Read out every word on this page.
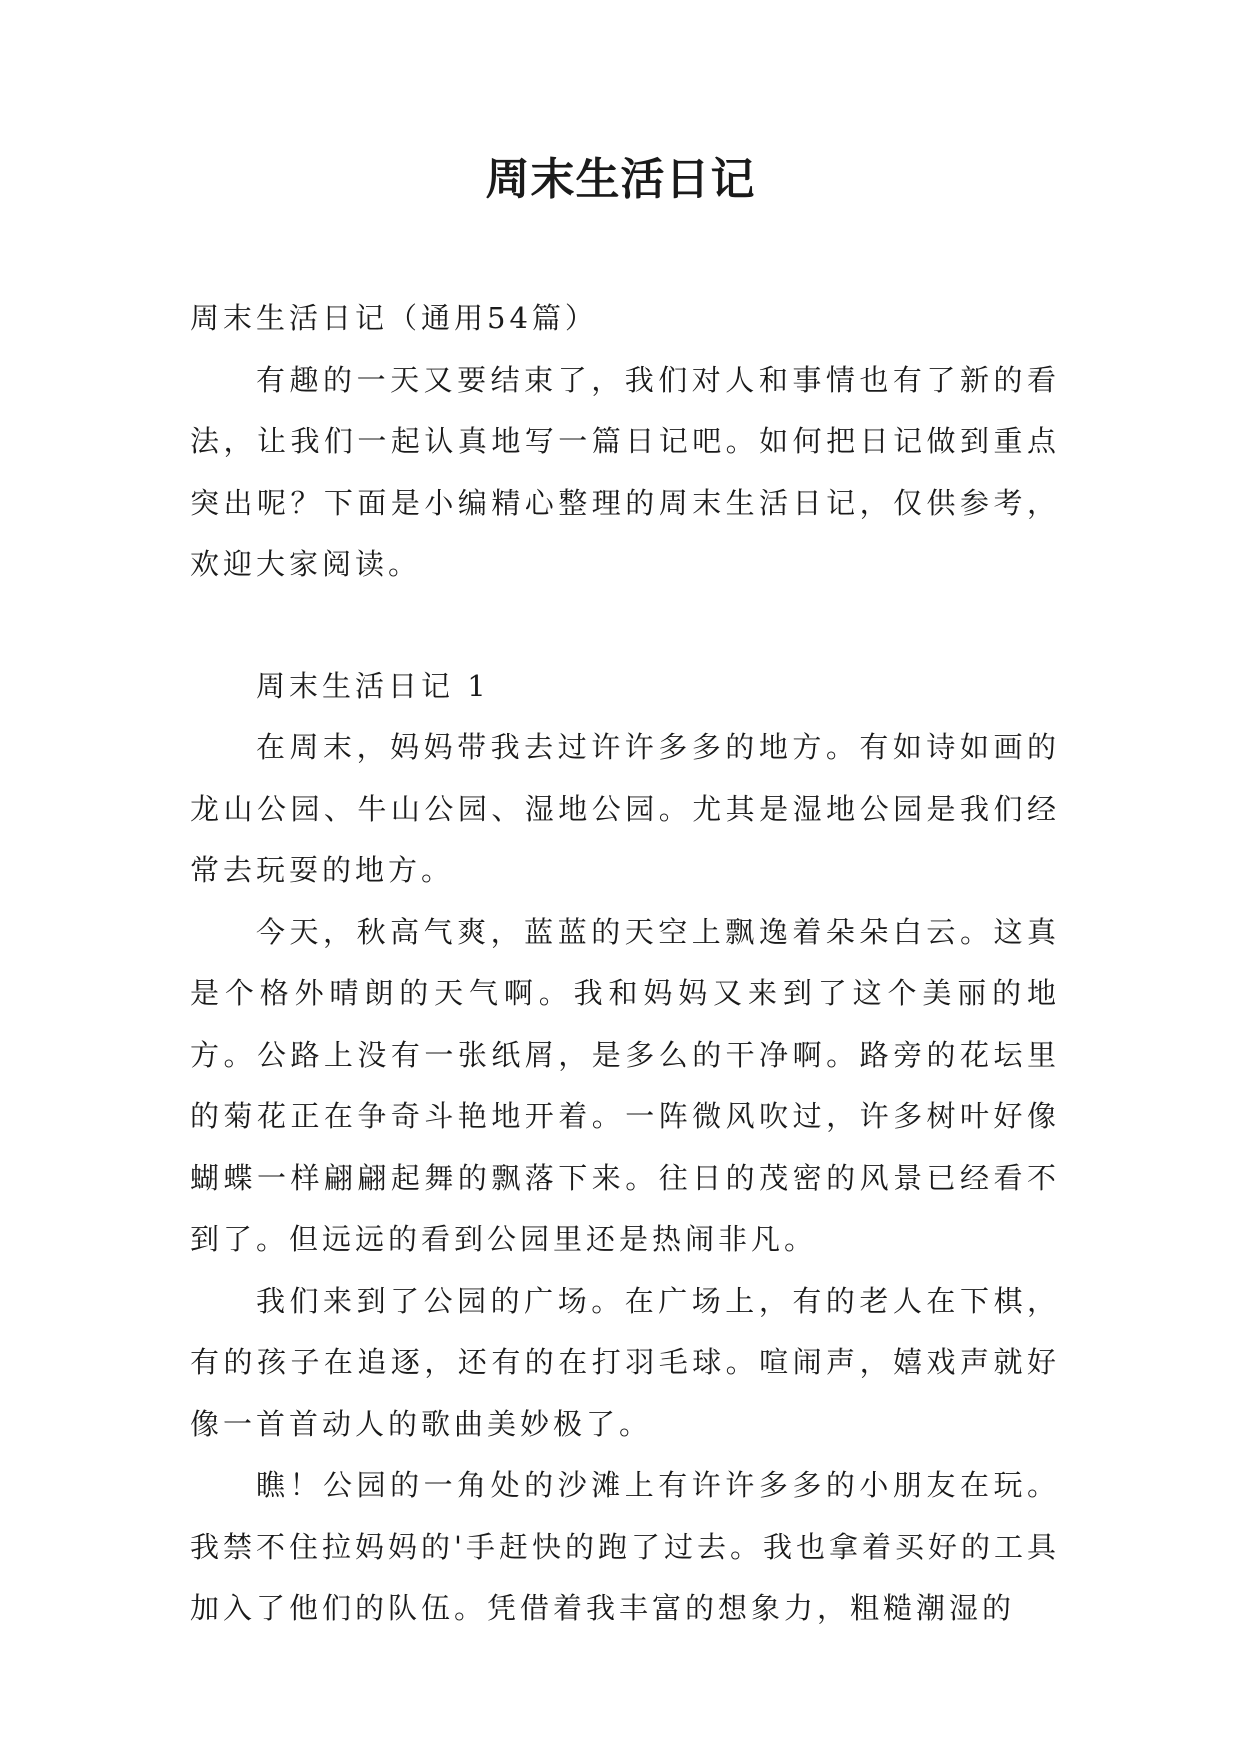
周末生活日记

周末生活日记（通用54篇）

有趣的一天又要结束了，我们对人和事情也有了新的看法，让我们一起认真地写一篇日记吧。如何把日记做到重点突出呢？下面是小编精心整理的周末生活日记，仅供参考，欢迎大家阅读。

周末生活日记 1

在周末，妈妈带我去过许许多多的地方。有如诗如画的龙山公园、牛山公园、湿地公园。尤其是湿地公园是我们经常去玩耍的地方。

今天，秋高气爽，蓝蓝的天空上飘逸着朵朵白云。这真是个格外晴朗的天气啊。我和妈妈又来到了这个美丽的地方。公路上没有一张纸屑，是多么的干净啊。路旁的花坛里的菊花正在争奇斗艳地开着。一阵微风吹过，许多树叶好像蝴蝶一样翩翩起舞的飘落下来。往日的茂密的风景已经看不到了。但远远的看到公园里还是热闹非凡。

我们来到了公园的广场。在广场上，有的老人在下棋，有的孩子在追逐，还有的在打羽毛球。喧闹声，嬉戏声就好像一首首动人的歌曲美妙极了。

瞧！公园的一角处的沙滩上有许许多多的小朋友在玩。我禁不住拉妈妈的'手赶快的跑了过去。我也拿着买好的工具加入了他们的队伍。凭借着我丰富的想象力，粗糙潮湿的
